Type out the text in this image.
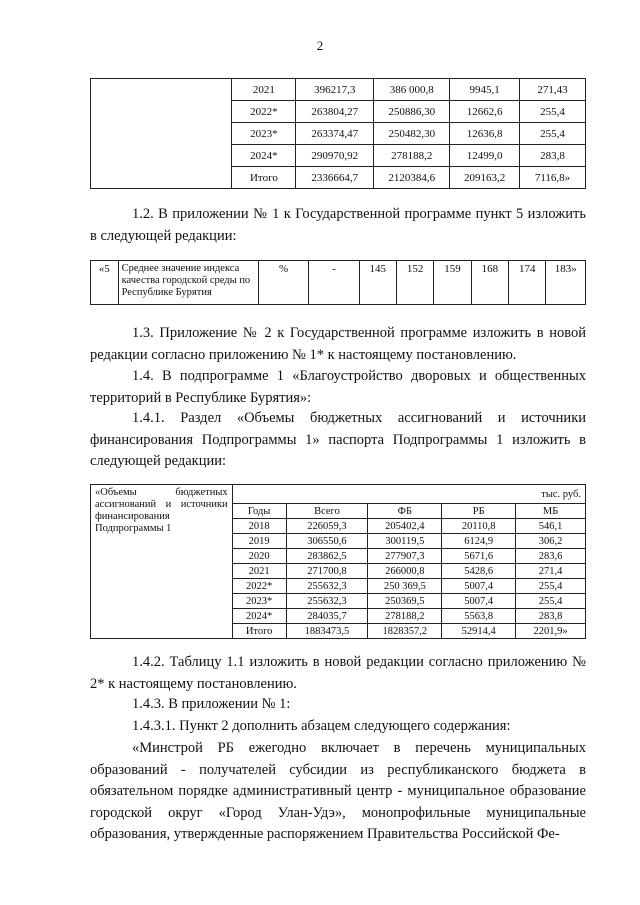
2
	2021	396217,3	386 000,8	9945,1	271,43
	2022*	263804,27	250886,30	12662,6	255,4
	2023*	263374,47	250482,30	12636,8	255,4
	2024*	290970,92	278188,2	12499,0	283,8
	Итого	2336664,7	2120384,6	209163,2	7116,8»

1.2. В приложении № 1 к Государственной программе пункт 5 изложить в следующей редакции:

«5	Среднее значение индекса качества городской среды по Республике Бурятия	%	-	145	152	159	168	174	183»

1.3. Приложение № 2 к Государственной программе изложить в новой редакции согласно приложению № 1* к настоящему постановлению.

1.4. В подпрограмме 1 «Благоустройство дворовых и общественных территорий в Республике Бурятия»:

1.4.1. Раздел «Объемы бюджетных ассигнований и источники финансирования Подпрограммы 1» паспорта Подпрограммы 1 изложить в следующей редакции:

«Объемы бюджетных ассигнований и источники финансирования Подпрограммы 1	тыс. руб.				
	Годы	Всего	ФБ	РБ	МБ
	2018	226059,3	205402,4	20110,8	546,1
	2019	306550,6	300119,5	6124,9	306,2
	2020	283862,5	277907,3	5671,6	283,6
	2021	271700,8	266000,8	5428,6	271,4
	2022*	255632,3	250 369,5	5007,4	255,4
	2023*	255632,3	250369,5	5007,4	255,4
	2024*	284035,7	278188,2	5563,8	283,8
	Итого	1883473,5	1828357,2	52914,4	2201,9»

1.4.2. Таблицу 1.1 изложить в новой редакции согласно приложению № 2* к настоящему постановлению.

1.4.3. В приложении № 1:

1.4.3.1. Пункт 2 дополнить абзацем следующего содержания:

«Минстрой РБ ежегодно включает в перечень муниципальных образований - получателей субсидии из республиканского бюджета в обязательном порядке административный центр - муниципальное образование городской округ «Город Улан-Удэ», монопрофильные муниципальные образования, утвержденные распоряжением Правительства Российской Фе-
